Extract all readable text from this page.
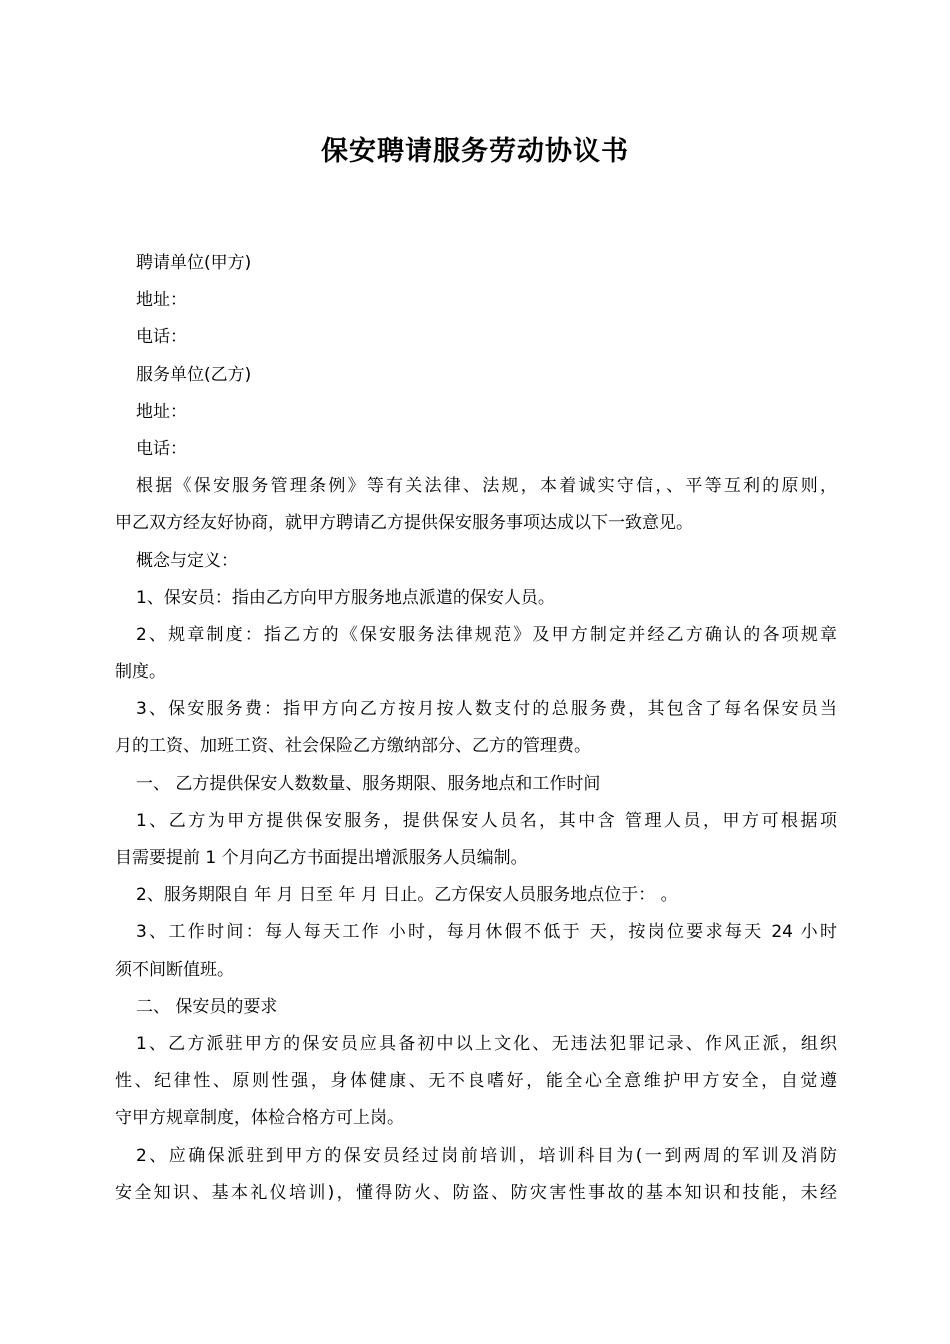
保安聘请服务劳动协议书
聘请单位(甲方)
地址：
电话：
服务单位(乙方)
地址：
电话：
根据《保安服务管理条例》等有关法律、法规，本着诚实守信，、平等互利的原则，
甲乙双方经友好协商，就甲方聘请乙方提供保安服务事项达成以下一致意见。
概念与定义：
1、保安员：指由乙方向甲方服务地点派遣的保安人员。
2、规章制度：指乙方的《保安服务法律规范》及甲方制定并经乙方确认的各项规章
制度。
3、保安服务费：指甲方向乙方按月按人数支付的总服务费，其包含了每名保安员当
月的工资、加班工资、社会保险乙方缴纳部分、乙方的管理费。
一、 乙方提供保安人数数量、服务期限、服务地点和工作时间
1、乙方为甲方提供保安服务，提供保安人员名，其中含 管理人员，甲方可根据项
目需要提前 1 个月向乙方书面提出增派服务人员编制。
2、服务期限自 年 月 日至 年 月 日止。乙方保安人员服务地点位于： 。
3、工作时间：每人每天工作 小时，每月休假不低于 天，按岗位要求每天 24 小时
须不间断值班。
二、 保安员的要求
1、乙方派驻甲方的保安员应具备初中以上文化、无违法犯罪记录、作风正派，组织
性、纪律性、原则性强，身体健康、无不良嗜好，能全心全意维护甲方安全，自觉遵
守甲方规章制度，体检合格方可上岗。
2、应确保派驻到甲方的保安员经过岗前培训，培训科目为(一到两周的军训及消防
安全知识、基本礼仪培训)，懂得防火、防盗、防灾害性事故的基本知识和技能，未经
